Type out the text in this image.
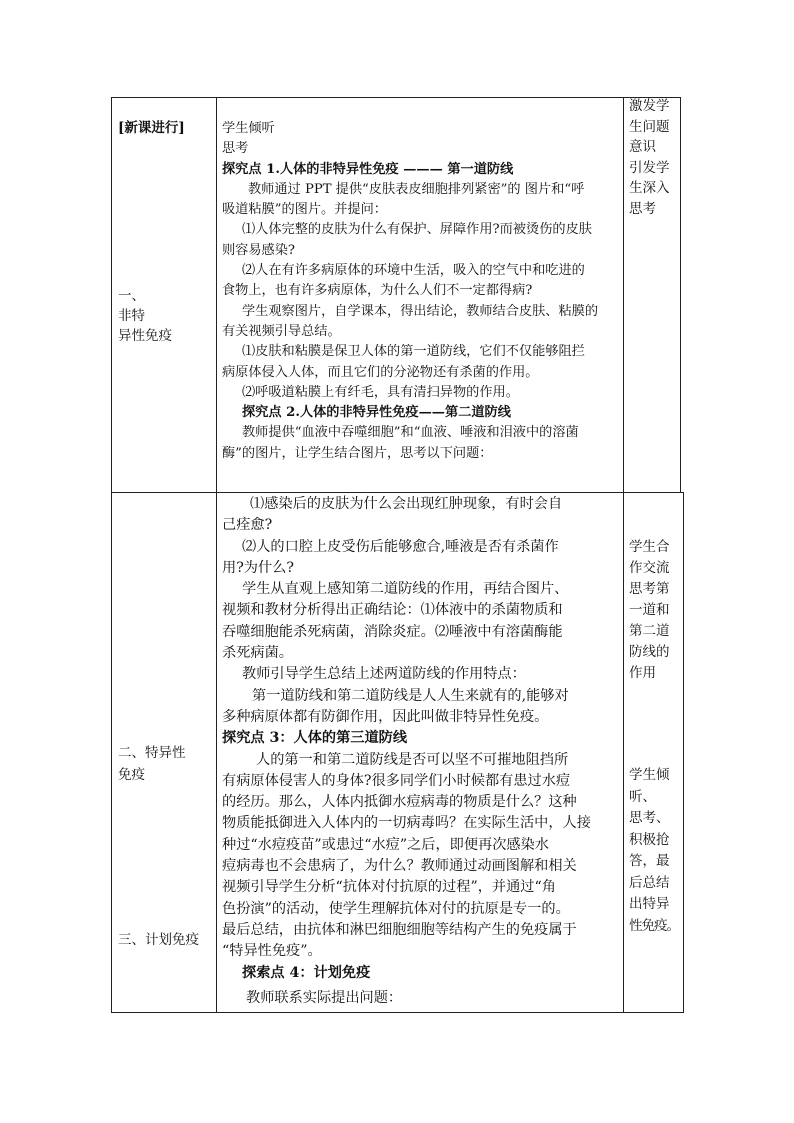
[新课进行]

一、

非特

异性免疫

学生倾听

思考

探究点 1.人体的非特异性免疫 ——— 第一道防线

教师通过 PPT 提供“皮肤表皮细胞排列紧密”的 图片和“呼

吸道粘膜”的图片。并提问：

⑴人体完整的皮肤为什么有保护、屏障作用?而被烫伤的皮肤

则容易感染?

⑵人在有许多病原体的环境中生活，吸入的空气中和吃进的

食物上，也有许多病原体，为什么人们不一定都得病?

学生观察图片，自学课本，得出结论，教师结合皮肤、粘膜的

有关视频引导总结。

⑴皮肤和粘膜是保卫人体的第一道防线，它们不仅能够阻拦

病原体侵入人体，而且它们的分泌物还有杀菌的作用。

⑵呼吸道粘膜上有纤毛，具有清扫异物的作用。

探究点 2.人体的非特异性免疫——第二道防线

教师提供“血液中吞噬细胞”和“血液、唾液和泪液中的溶菌

酶”的图片，让学生结合图片，思考以下问题：

激发学

生问题

意识

引发学

生深入

思考

二、特异性

免疫

三、计划免疫

⑴感染后的皮肤为什么会出现红肿现象，有时会自

己痊愈?

⑵人的口腔上皮受伤后能够愈合,唾液是否有杀菌作

用?为什么?

学生从直观上感知第二道防线的作用，再结合图片、

视频和教材分析得出正确结论：⑴体液中的杀菌物质和

吞噬细胞能杀死病菌，消除炎症。⑵唾液中有溶菌酶能

杀死病菌。

教师引导学生总结上述两道防线的作用特点：

第一道防线和第二道防线是人人生来就有的,能够对

多种病原体都有防御作用，因此叫做非特异性免疫。

探究点 3：人体的第三道防线

人的第一和第二道防线是否可以坚不可摧地阻挡所

有病原体侵害人的身体?很多同学们小时候都有患过水痘

的经历。那么，人体内抵御水痘病毒的物质是什么？这种

物质能抵御进入人体内的一切病毒吗？在实际生活中，人接

种过“水痘疫苗”或患过“水痘”之后，即便再次感染水

痘病毒也不会患病了，为什么？教师通过动画图解和相关

视频引导学生分析“抗体对付抗原的过程”，并通过“角

色扮演”的活动，使学生理解抗体对付的抗原是专一的。

最后总结，由抗体和淋巴细胞细胞等结构产生的免疫属于

“特异性免疫”。

探索点 4：计划免疫

教师联系实际提出问题：

学生合

作交流

思考第

一道和

第二道

防线的

作用

学生倾

听、

思考、

积极抢

答，最

后总结

出特异

性免疫。
